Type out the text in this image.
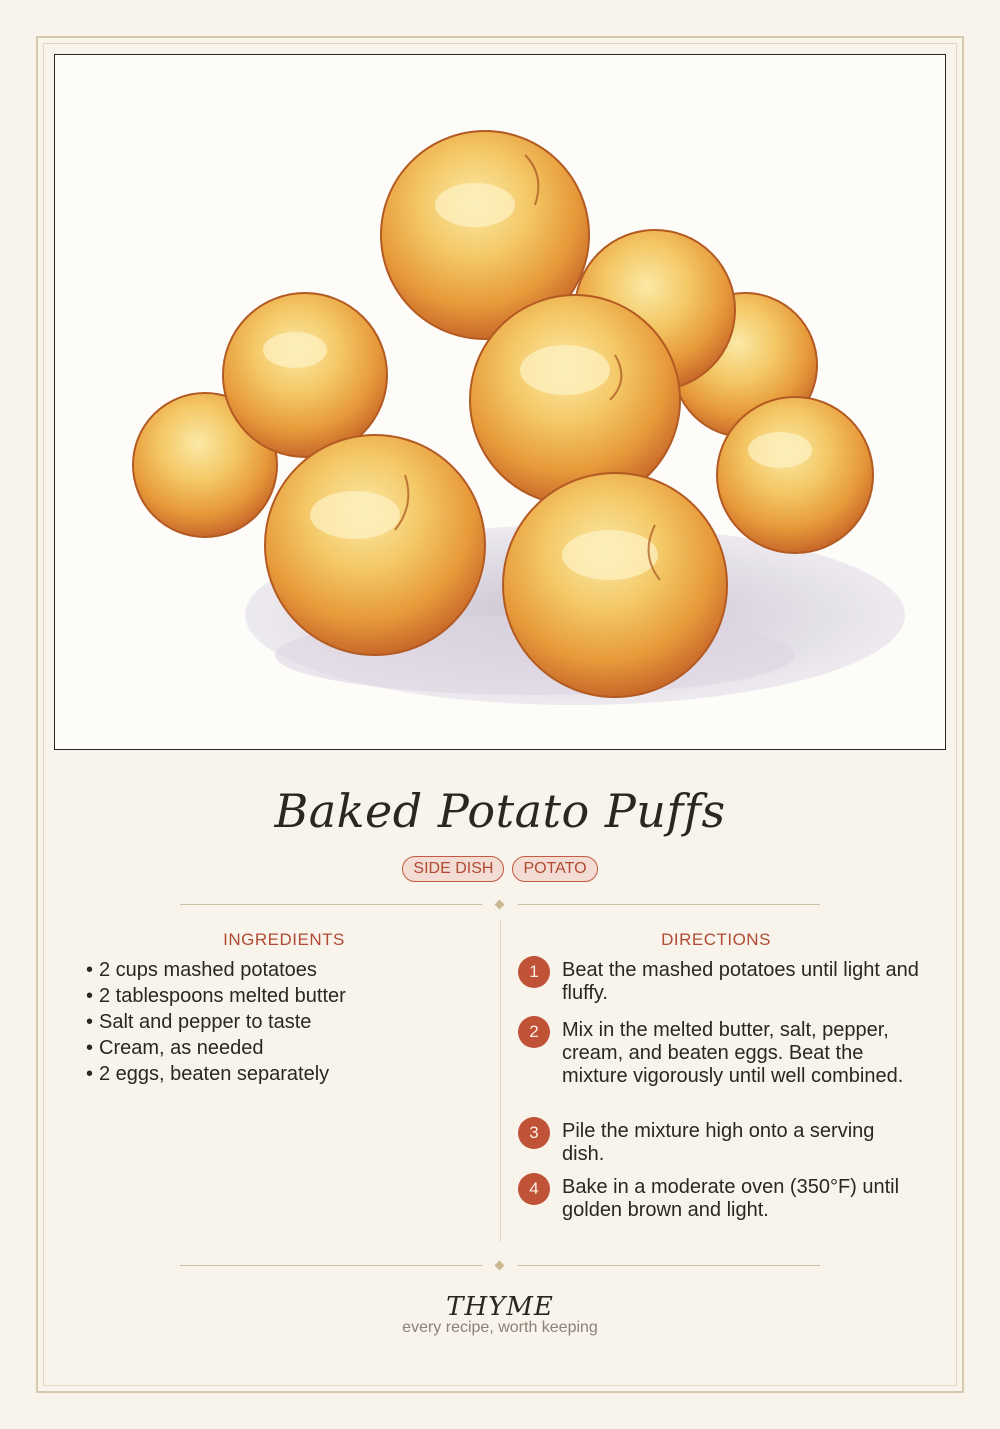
Baked Potato Puffs
SIDE DISH	POTATO
INGREDIENTS
• 2 cups mashed potatoes
• 2 tablespoons melted butter
• Salt and pepper to taste
• Cream, as needed
• 2 eggs, beaten separately
DIRECTIONS
1	Beat the mashed potatoes until light and fluffy.
2	Mix in the melted butter, salt, pepper, cream, and beaten eggs. Beat the mixture vigorously until well combined.
3	Pile the mixture high onto a serving dish.
4	Bake in a moderate oven (350°F) until golden brown and light.
THYME
every recipe, worth keeping
